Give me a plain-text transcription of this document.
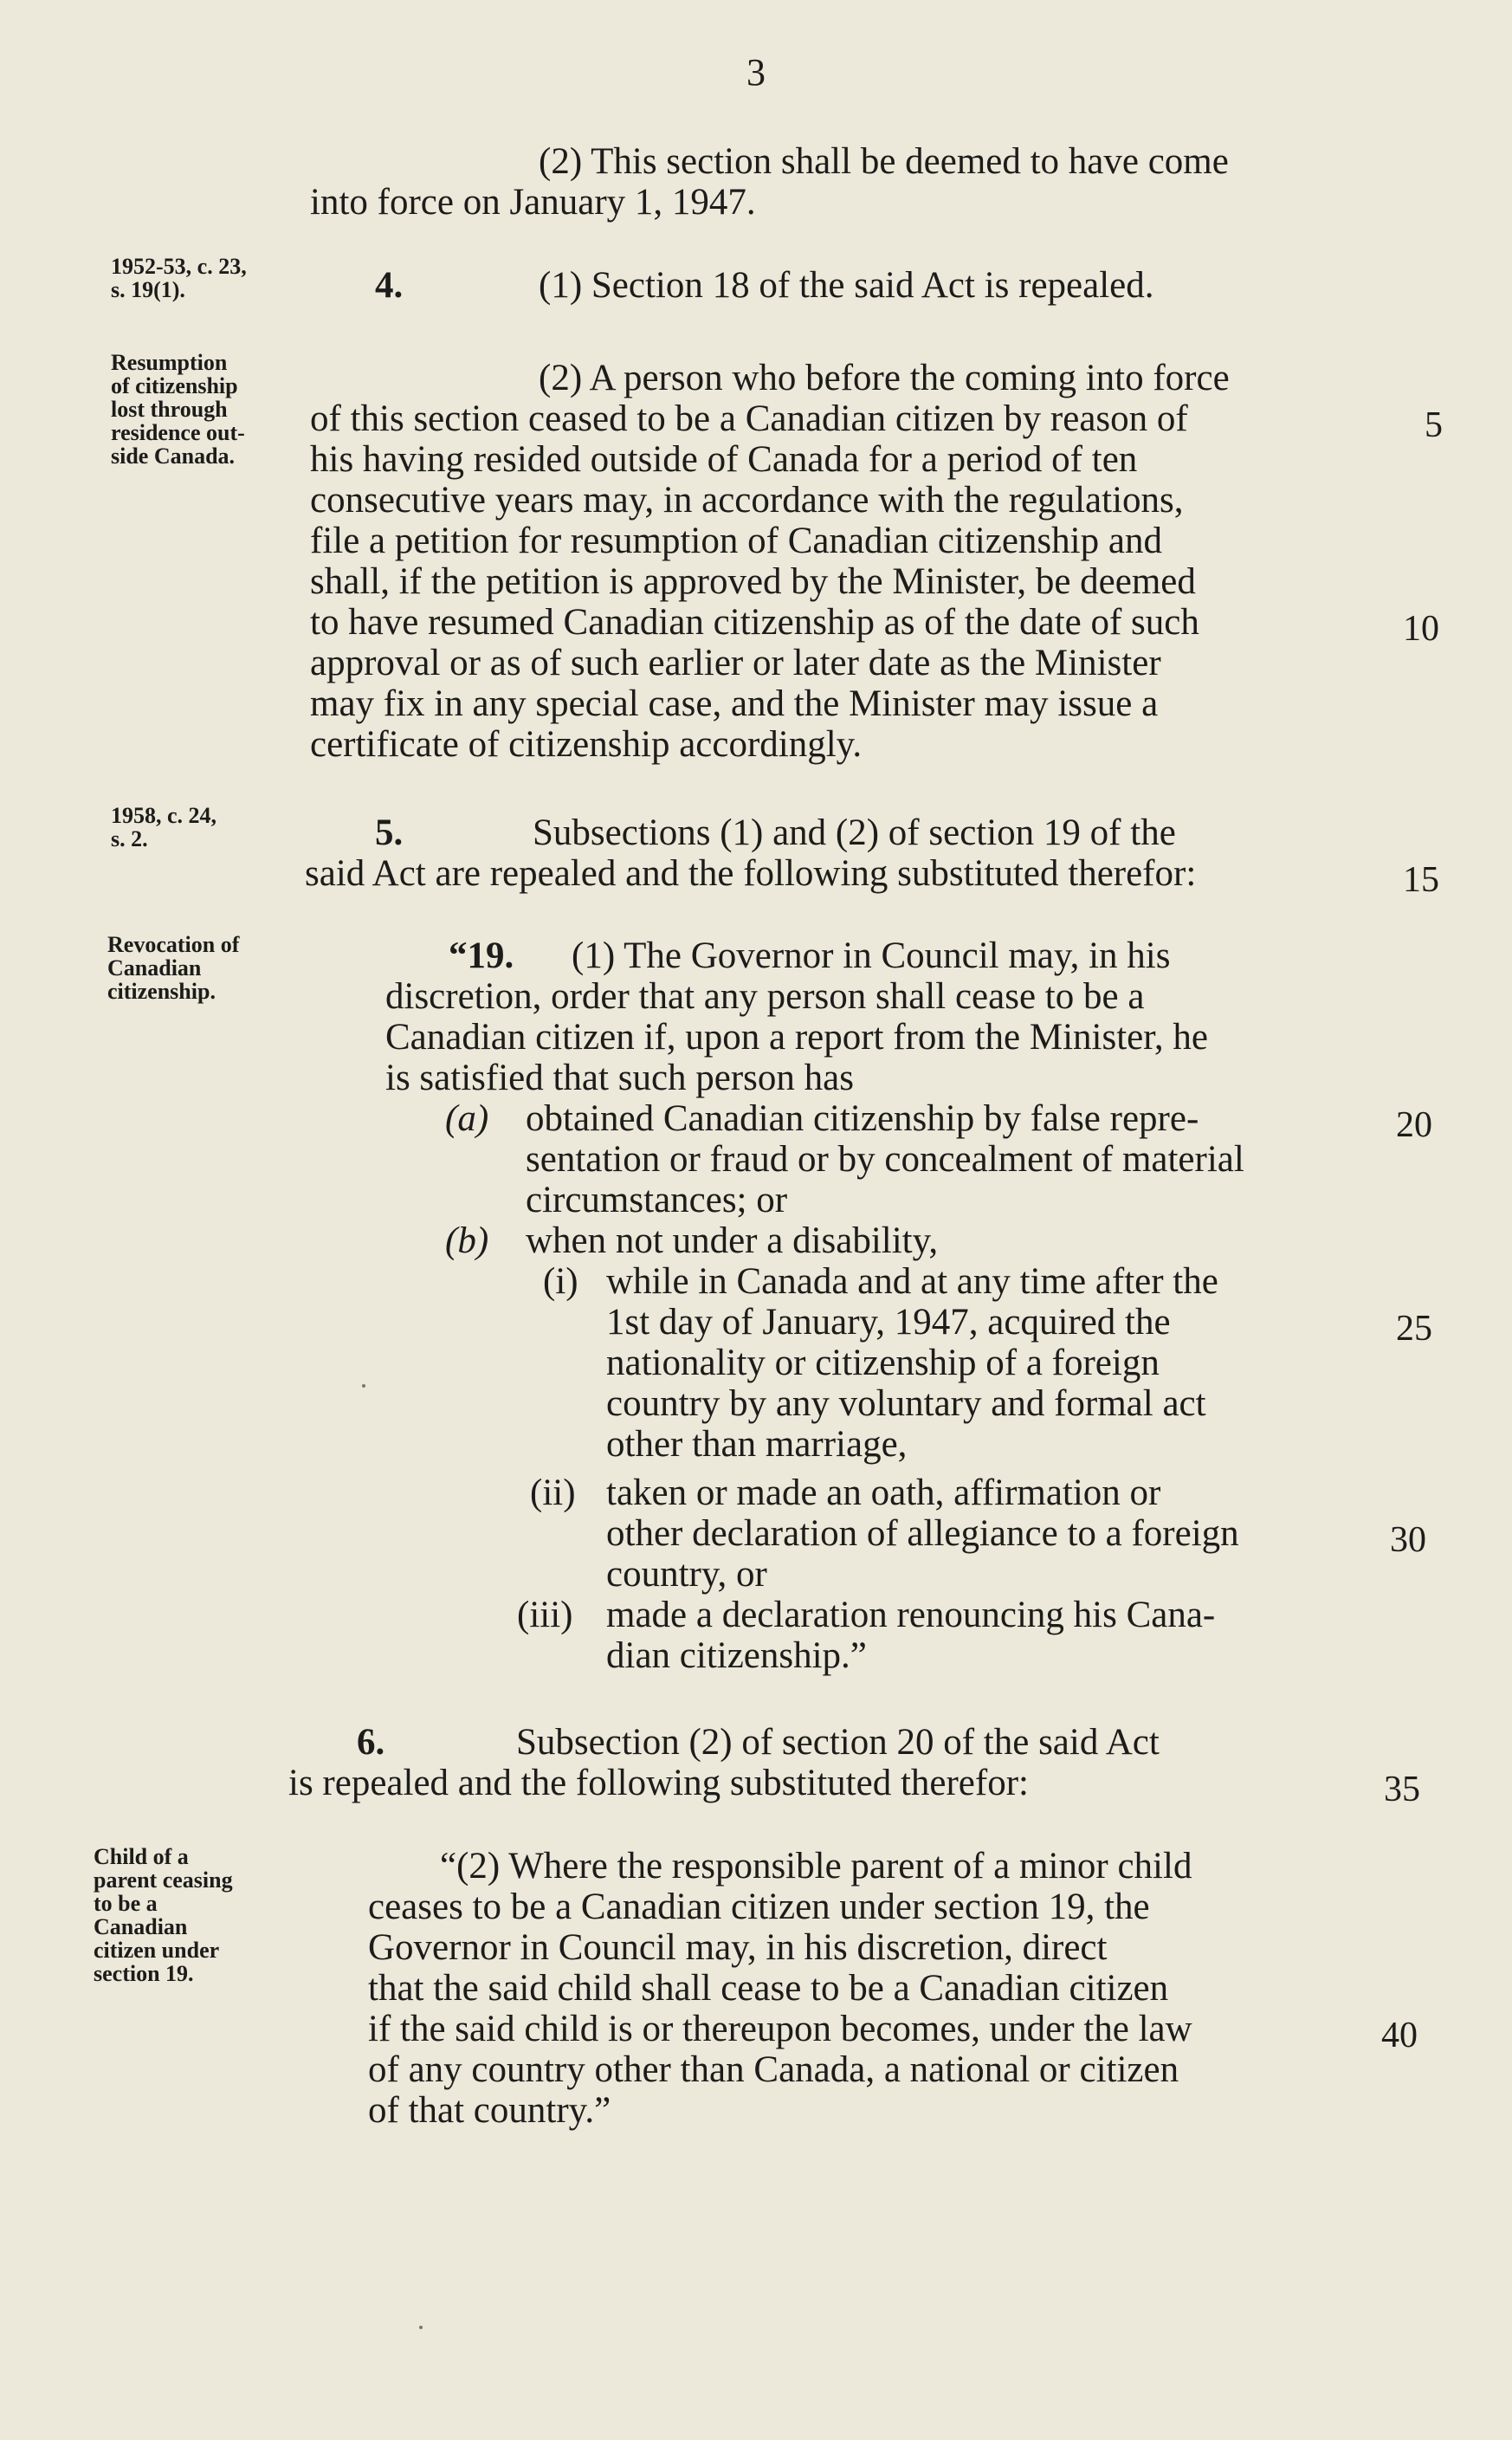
3
(2) This section shall be deemed to have come
into force on January 1, 1947.
4.	(1) Section 18 of the said Act is repealed.
(2) A person who before the coming into force
of this section ceased to be a Canadian citizen by reason of
his having resided outside of Canada for a period of ten
consecutive years may, in accordance with the regulations,
file a petition for resumption of Canadian citizenship and
shall, if the petition is approved by the Minister, be deemed
to have resumed Canadian citizenship as of the date of such
approval or as of such earlier or later date as the Minister
may fix in any special case, and the Minister may issue a
certificate of citizenship accordingly.
5.	Subsections (1) and (2) of section 19 of the
said Act are repealed and the following substituted therefor:
“19. (1) The Governor in Council may, in his
discretion, order that any person shall cease to be a
Canadian citizen if, upon a report from the Minister, he
is satisfied that such person has
(a) obtained Canadian citizenship by false repre-
sentation or fraud or by concealment of material
circumstances; or
(b) when not under a disability,
(i) while in Canada and at any time after the
1st day of January, 1947, acquired the
nationality or citizenship of a foreign
country by any voluntary and formal act
other than marriage,
(ii) taken or made an oath, affirmation or
other declaration of allegiance to a foreign
country, or
(iii) made a declaration renouncing his Cana-
dian citizenship.”
6.	Subsection (2) of section 20 of the said Act
is repealed and the following substituted therefor:
“(2) Where the responsible parent of a minor child
ceases to be a Canadian citizen under section 19, the
Governor in Council may, in his discretion, direct
that the said child shall cease to be a Canadian citizen
if the said child is or thereupon becomes, under the law
of any country other than Canada, a national or citizen
of that country.”
1952-53, c. 23,
s. 19(1).
Resumption
of citizenship
lost through
residence out-
side Canada.
1958, c. 24,
s. 2.
Revocation of
Canadian
citizenship.
Child of a
parent ceasing
to be a
Canadian
citizen under
section 19.
5
10
15
20
25
30
35
40
